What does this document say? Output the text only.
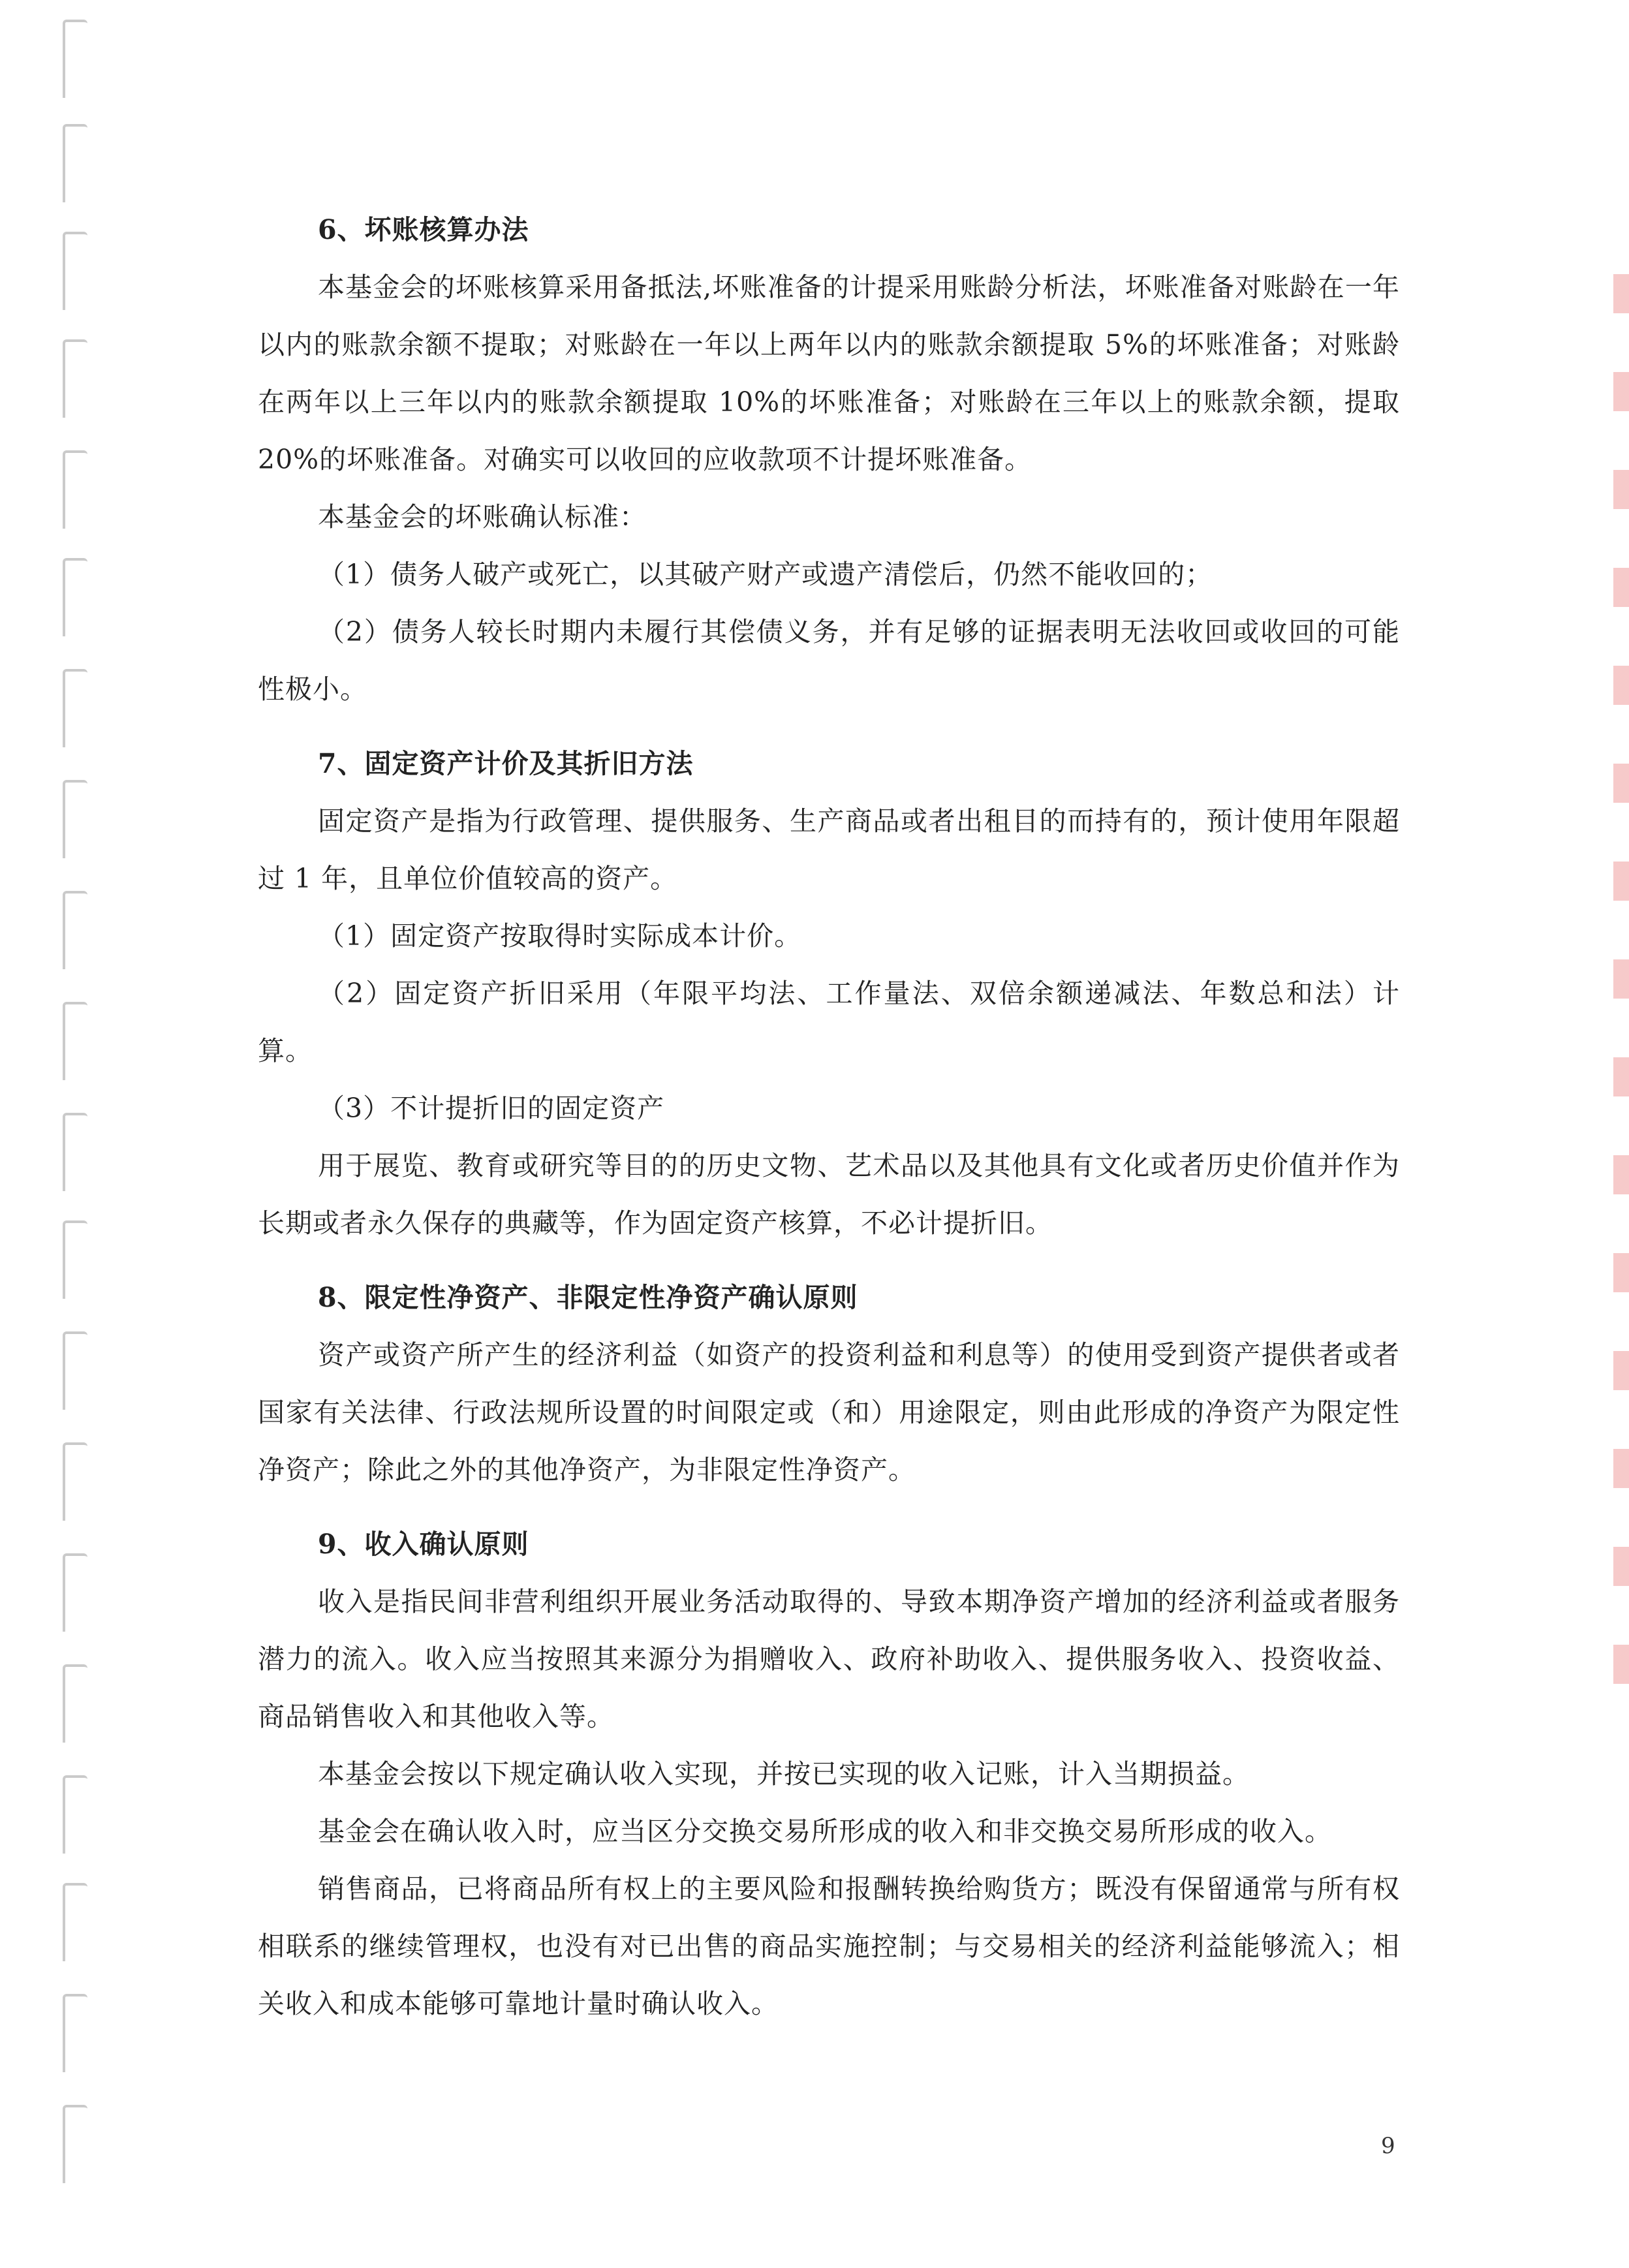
6、坏账核算办法

本基金会的坏账核算采用备抵法,坏账准备的计提采用账龄分析法，坏账准备对账龄在一年以内的账款余额不提取；对账龄在一年以上两年以内的账款余额提取 5%的坏账准备；对账龄在两年以上三年以内的账款余额提取 10%的坏账准备；对账龄在三年以上的账款余额，提取 20%的坏账准备。对确实可以收回的应收款项不计提坏账准备。

本基金会的坏账确认标准：

（1）债务人破产或死亡，以其破产财产或遗产清偿后，仍然不能收回的；

（2）债务人较长时期内未履行其偿债义务，并有足够的证据表明无法收回或收回的可能性极小。

7、固定资产计价及其折旧方法

固定资产是指为行政管理、提供服务、生产商品或者出租目的而持有的，预计使用年限超过 1 年，且单位价值较高的资产。

（1）固定资产按取得时实际成本计价。

（2）固定资产折旧采用（年限平均法、工作量法、双倍余额递减法、年数总和法）计算。

（3）不计提折旧的固定资产

用于展览、教育或研究等目的的历史文物、艺术品以及其他具有文化或者历史价值并作为长期或者永久保存的典藏等，作为固定资产核算，不必计提折旧。

8、限定性净资产、非限定性净资产确认原则

资产或资产所产生的经济利益（如资产的投资利益和利息等）的使用受到资产提供者或者国家有关法律、行政法规所设置的时间限定或（和）用途限定，则由此形成的净资产为限定性净资产；除此之外的其他净资产，为非限定性净资产。

9、收入确认原则

收入是指民间非营利组织开展业务活动取得的、导致本期净资产增加的经济利益或者服务潜力的流入。收入应当按照其来源分为捐赠收入、政府补助收入、提供服务收入、投资收益、商品销售收入和其他收入等。

本基金会按以下规定确认收入实现，并按已实现的收入记账，计入当期损益。

基金会在确认收入时，应当区分交换交易所形成的收入和非交换交易所形成的收入。

销售商品，已将商品所有权上的主要风险和报酬转换给购货方；既没有保留通常与所有权相联系的继续管理权，也没有对已出售的商品实施控制；与交易相关的经济利益能够流入；相关收入和成本能够可靠地计量时确认收入。

9
